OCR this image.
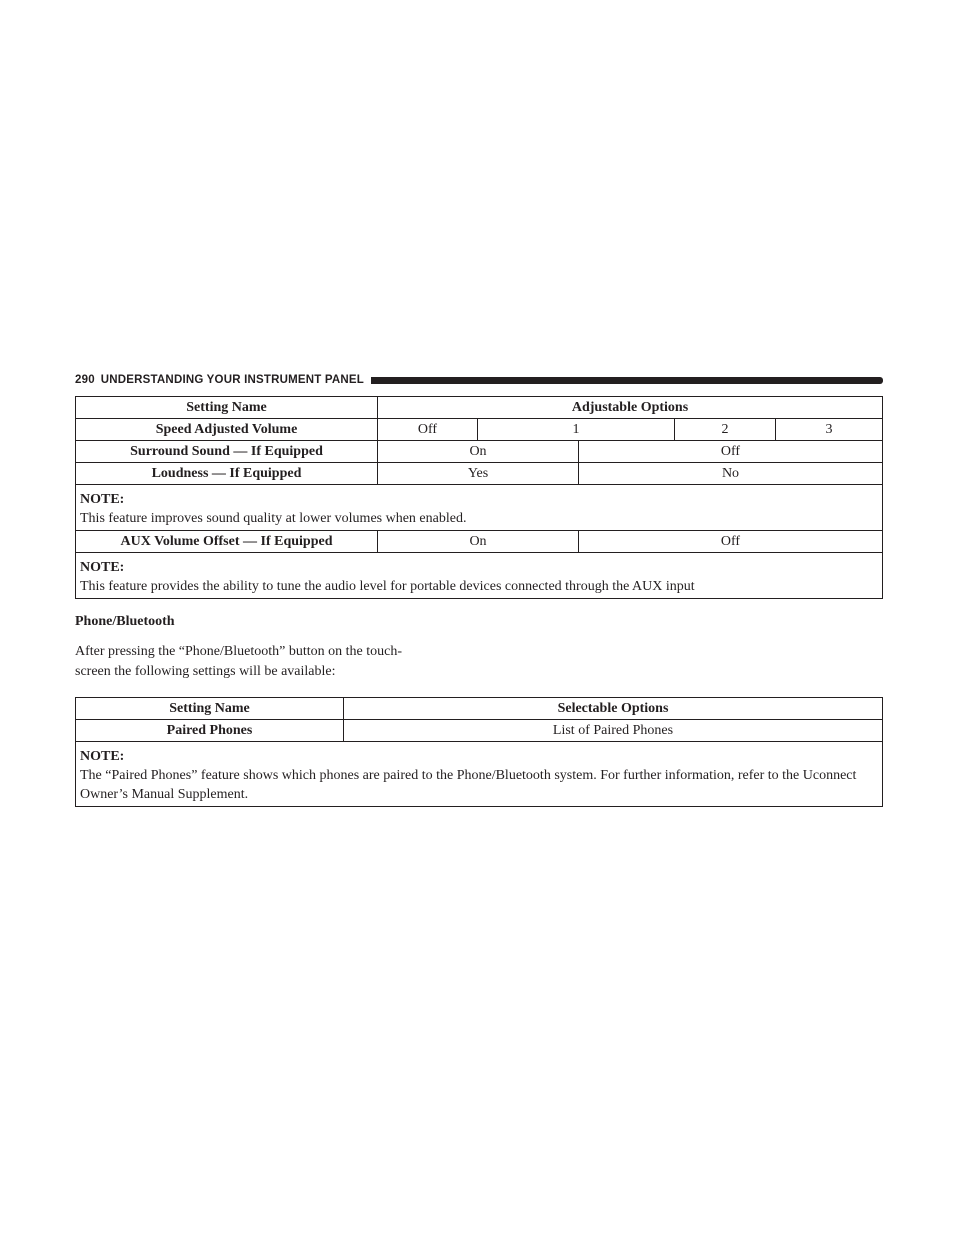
290 UNDERSTANDING YOUR INSTRUMENT PANEL
Setting Name	Adjustable Options				
Speed Adjusted Volume	Off	1		2	3
Surround Sound — If Equipped	On		Off		
Loudness — If Equipped	Yes		No		

NOTE:
This feature improves sound quality at lower volumes when enabled.					

AUX Volume Offset — If Equipped	On		Off		

NOTE:
This feature provides the ability to tune the audio level for portable devices connected through the AUX input					
Phone/Bluetooth
After pressing the “Phone/Bluetooth” button on the touch-
screen the following settings will be available:
Setting Name	Selectable Options
Paired Phones	List of Paired Phones

NOTE:
The “Paired Phones” feature shows which phones are paired to the Phone/Bluetooth system. For further information, refer to the Uconnect Owner’s Manual Supplement.	
